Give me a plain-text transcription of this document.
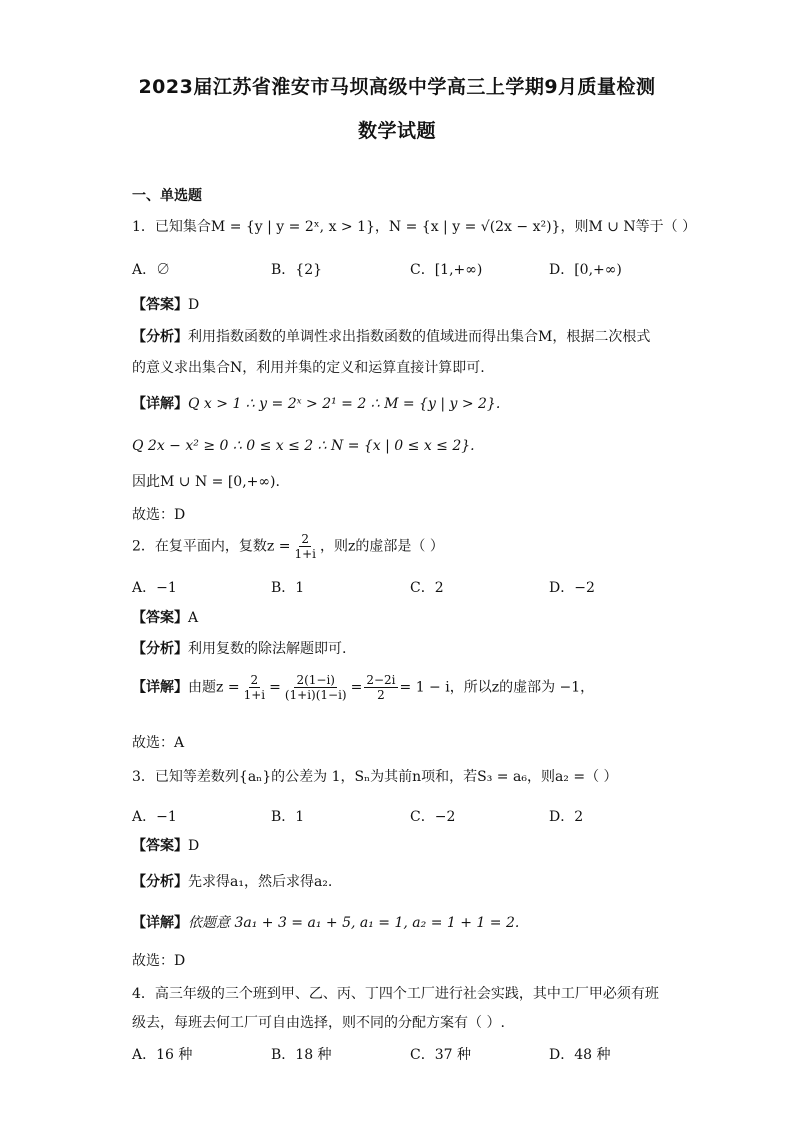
2023届江苏省淮安市马坝高级中学高三上学期9月质量检测
数学试题
一、单选题
1．已知集合M = {y | y = 2ˣ, x > 1}，N = {x | y = √(2x − x²)}，则M ∪ N等于（ ）
A．∅	B．{2}	C．[1,+∞)	D．[0,+∞)
【答案】D
【分析】利用指数函数的单调性求出指数函数的值域进而得出集合M，根据二次根式
的意义求出集合N，利用并集的定义和运算直接计算即可.
【详解】Q x > 1 ∴ y = 2ˣ > 2¹ = 2 ∴ M = {y | y > 2}.
Q 2x − x² ≥ 0 ∴ 0 ≤ x ≤ 2 ∴ N = {x | 0 ≤ x ≤ 2}.
因此M ∪ N = [0,+∞).
故选：D
2．在复平面内，复数$z = \frac{2}{1+i}$ ，则z的虚部是（ ）
A．−1	B．1	C．2	D．−2
【答案】A
【分析】利用复数的除法解题即可.
【详解】由题$z = \frac{2}{1+i} = \frac{2(1-i)}{(1+i)(1-i)} = \frac{2-2i}{2} = 1 - i$，所以z的虚部为 −1，
故选：A
3．已知等差数列{aₙ}的公差为 1，Sₙ为其前n项和，若S₃ = a₆，则a₂ =（ ）
A．−1	B．1	C．−2	D．2
【答案】D
【分析】先求得a₁，然后求得a₂.
【详解】依题意 3a₁ + 3 = a₁ + 5, a₁ = 1, a₂ = 1 + 1 = 2.
故选：D
4．高三年级的三个班到甲、乙、丙、丁四个工厂进行社会实践，其中工厂甲必须有班
级去，每班去何工厂可自由选择，则不同的分配方案有（ ）.
A．16 种	B．18 种	C．37 种	D．48 种
